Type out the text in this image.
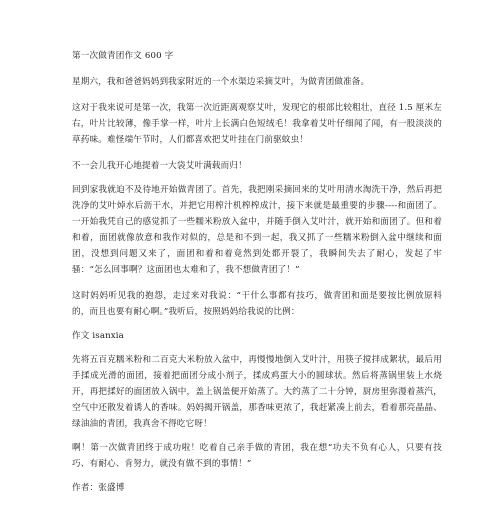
第一次做青团作文 600 字

星期六，我和爸爸妈妈到我家附近的一个水渠边采摘艾叶，为做青团做准备。

这对于我来说可是第一次，我第一次近距离观察艾叶，发现它的根部比较粗壮，直径 1.5 厘米左右，叶片比较薄，像手掌一样，叶片上长满白色短绒毛！我拿着艾叶仔细闻了闻，有一股淡淡的草药味。难怪端午节时，人们都喜欢把艾叶挂在门前驱蚊虫！

不一会儿我开心地提着一大袋艾叶满载而归！

回到家我就迫不及待地开始做青团了。首先，我把刚采摘回来的艾叶用清水淘洗干净，然后再把洗净的艾叶焯水后沥干水，并把它用榨汁机榨榨成汁，接下来就是最重要的步骤----和面团了。一开始我凭自己的感觉抓了一些糯米粉放入盆中，并随手倒入艾叶汁，就开始和面团了。但和着和着，面团就像放意和我作对似的，总是和不到一起，我又抓了一些糯米粉倒入盆中继续和面团，没想到问题又来了，面团和着和着竟然到处都开裂了，我瞬间失去了耐心，发起了牢骚：“怎么回事啊？这面团也太难和了，我不想做青团了！”

这时妈妈听见我的抱怨，走过来对我说：“干什么事都有技巧，做青团和面是要按比例放原料的，而且也要有耐心啊。”我听后，按照妈妈给我说的比例：

作文 isanxia

先将五百克糯米粉和二百克大米粉放入盆中，再慢慢地倒入艾叶汁，用筷子搅拌成絮状，最后用手揉成光滑的面团，接着把面团分成小剂子，揉成鸡蛋大小的圆球状。然后将蒸锅里装上水烧开，再把揉好的面团放入锅中，盖上锅盖便开始蒸了。大约蒸了二十分钟，厨房里弥漫着蒸汽，空气中还散发着诱人的香味。妈妈揭开锅盖，那香味更浓了，我赶紧凑上前去，看着那亮晶晶、绿油油的青团，我真舍不得吃它呀！

啊！第一次做青团终于成功啦！吃着自己亲手做的青团，我在想“功夫不负有心人，只要有技巧、有耐心、肯努力，就没有做不到的事情！”

作者：张盛博
